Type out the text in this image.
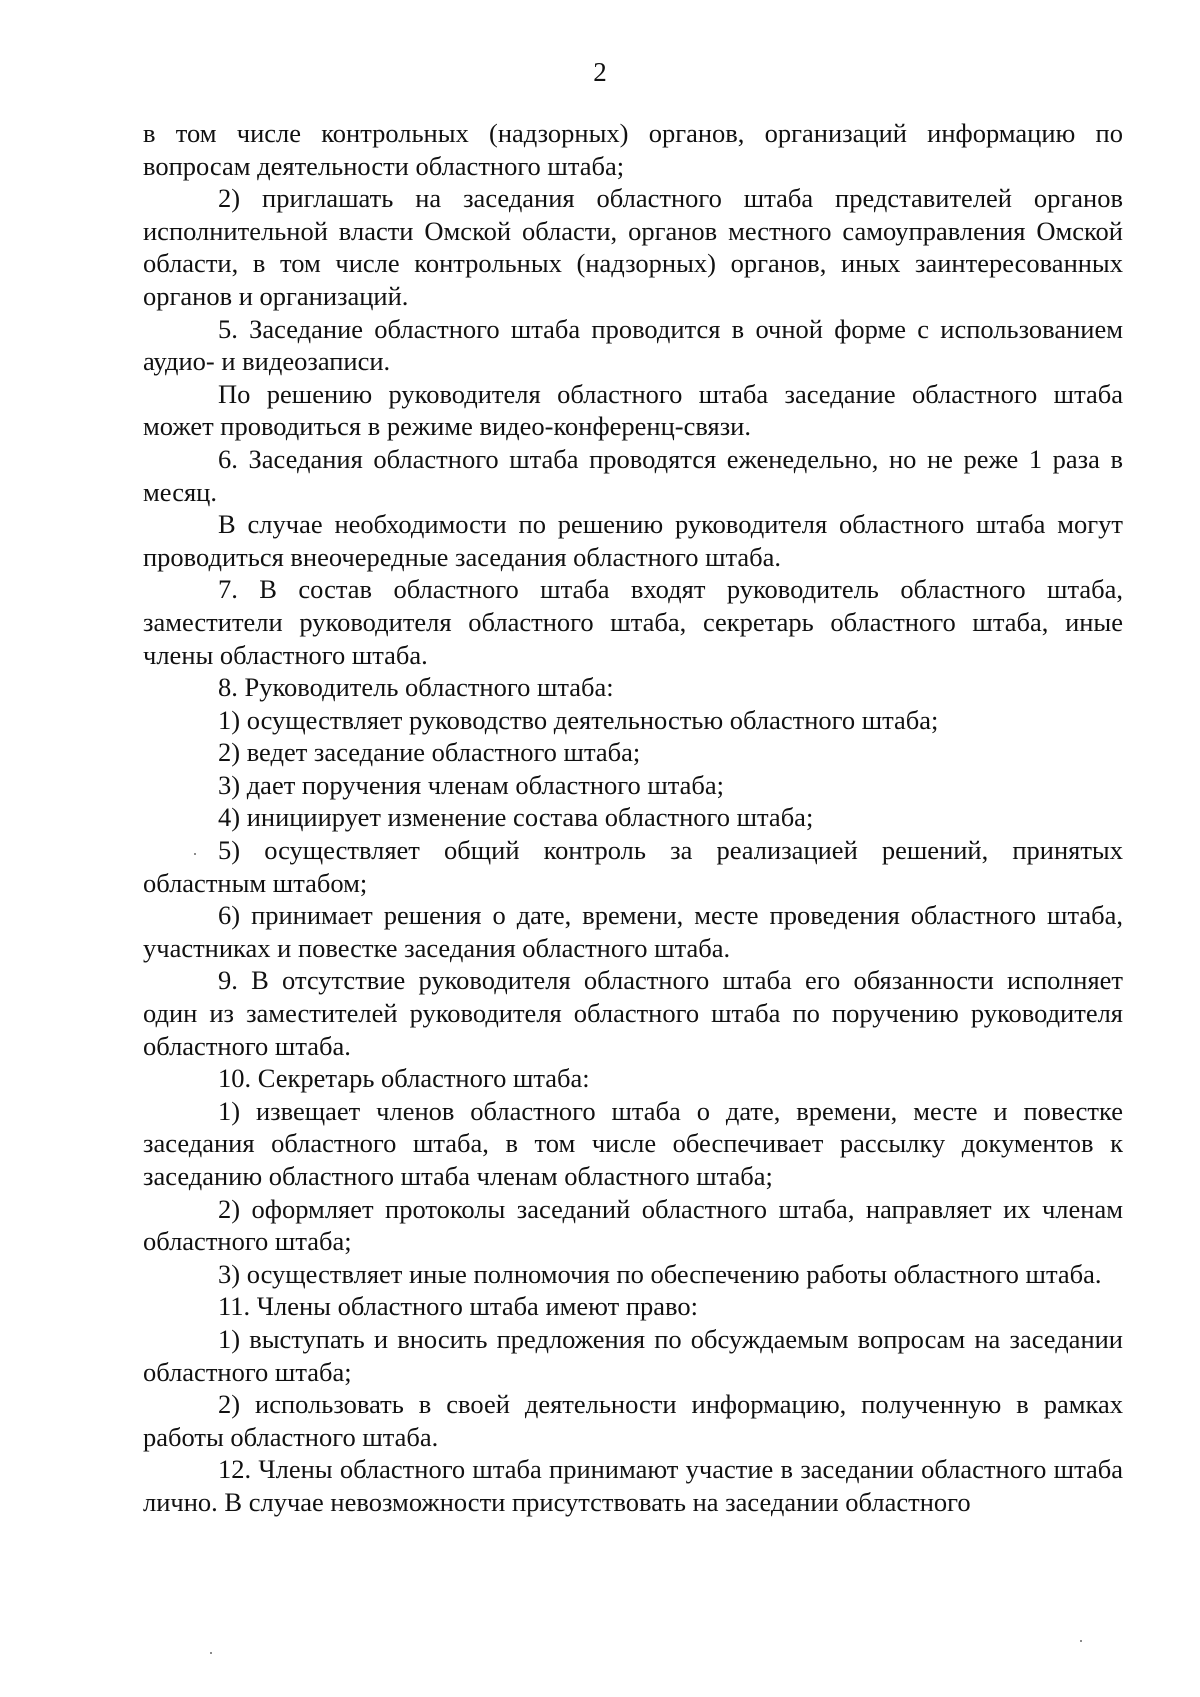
2

в том числе контрольных (надзорных) органов, организаций информацию по вопросам деятельности областного штаба;

2) приглашать на заседания областного штаба представителей органов исполнительной власти Омской области, органов местного самоуправления Омской области, в том числе контрольных (надзорных) органов, иных заинтересованных органов и организаций.

5. Заседание областного штаба проводится в очной форме с использованием аудио- и видеозаписи.

По решению руководителя областного штаба заседание областного штаба может проводиться в режиме видео-конференц-связи.

6. Заседания областного штаба проводятся еженедельно, но не реже 1 раза в месяц.

В случае необходимости по решению руководителя областного штаба могут проводиться внеочередные заседания областного штаба.

7. В состав областного штаба входят руководитель областного штаба, заместители руководителя областного штаба, секретарь областного штаба, иные члены областного штаба.

8. Руководитель областного штаба:

1) осуществляет руководство деятельностью областного штаба;

2) ведет заседание областного штаба;

3) дает поручения членам областного штаба;

4) инициирует изменение состава областного штаба;

5) осуществляет общий контроль за реализацией решений, принятых областным штабом;

6) принимает решения о дате, времени, месте проведения областного штаба, участниках и повестке заседания областного штаба.

9. В отсутствие руководителя областного штаба его обязанности исполняет один из заместителей руководителя областного штаба по поручению руководителя областного штаба.

10. Секретарь областного штаба:

1) извещает членов областного штаба о дате, времени, месте и повестке заседания областного штаба, в том числе обеспечивает рассылку документов к заседанию областного штаба членам областного штаба;

2) оформляет протоколы заседаний областного штаба, направляет их членам областного штаба;

3) осуществляет иные полномочия по обеспечению работы областного штаба.

11. Члены областного штаба имеют право:

1) выступать и вносить предложения по обсуждаемым вопросам на заседании областного штаба;

2) использовать в своей деятельности информацию, полученную в рамках работы областного штаба.

12. Члены областного штаба принимают участие в заседании областного штаба лично. В случае невозможности присутствовать на заседании областного
